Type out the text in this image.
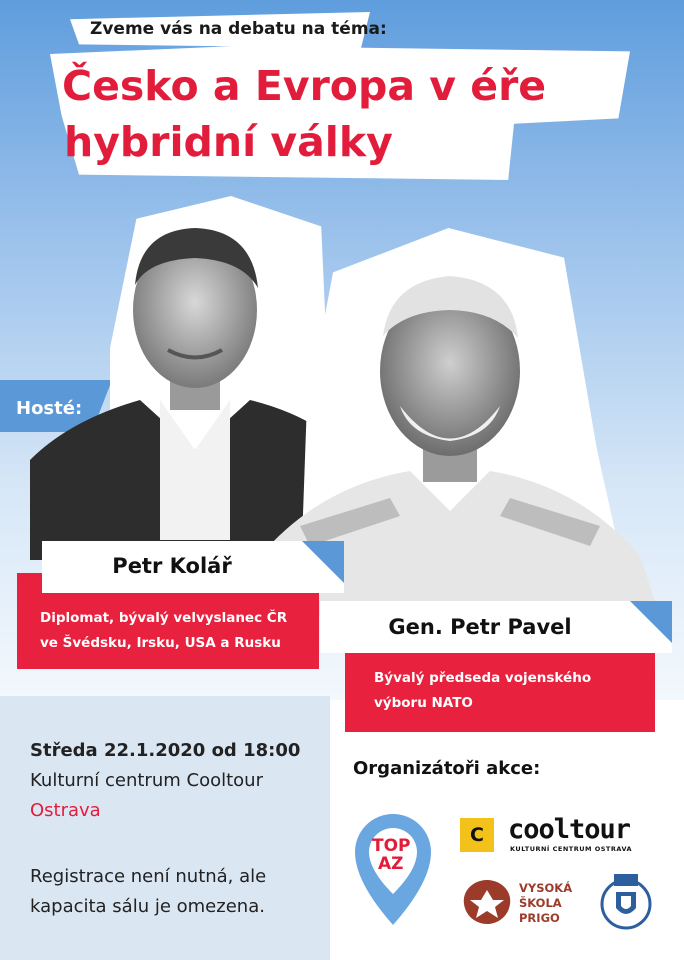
Zveme vás na debatu na téma:
Česko a Evropa v éře
hybridní války
Hosté:
Petr Kolář
Diplomat, bývalý velvyslanec ČR
ve Švédsku, Irsku, USA a Rusku
Gen. Petr Pavel
Bývalý předseda vojenského
výboru NATO
Středa 22.1.2020 od 18:00
Kulturní centrum Cooltour
Ostrava
Registrace není nutná, ale
kapacita sálu je omezena.
Organizátoři akce:
TOP
AZ
C cooltour
KULTURNÍ CENTRUM OSTRAVA
VYSOKÁ
ŠKOLA
PRIGO
